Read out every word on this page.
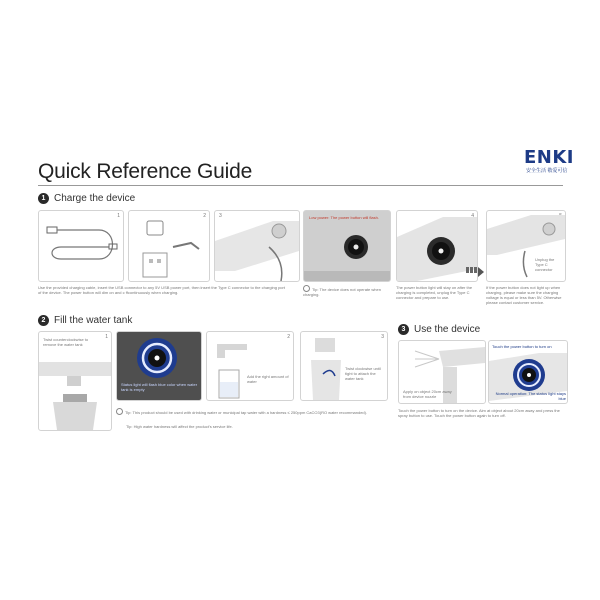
Quick Reference Guide
ENKI
安全生活 敬爱可信
1 Charge the device
1	2	3	Low power: The power button will flash.	4
Unplug the Type C connector
Use the provided charging cable, insert the USB connector to any 5V USB power port, then insert the Type C connector to the charging port of the device. The power button will dim on and c ffcontinuously when charging.
Tip: The device does not operate when charging.
The power button light will stay on after the charging is completed, unplug the Type C connector and prepare to use.
If the power button does not light up when charging, please make sure the charging voltage is equal or less than 5V. Otherwise please contact customer service.
2 Fill the water tank
1
Twist counterclockwise to remove the water tank
Status light will flash blue color when water tank is empty
2
Add the right amount of water
3
Twist clockwise until tight to attach the water tank
Tip: This product should be used with drinking water or municipal tap water with a hardness ≤ 250ppm CaCO3(RO water recommanded).
Tip: High water hardness will affect the product's service life.
3 Use the device
Apply on object 20cm away from device nozzle
Touch the power button to turn on
Normal operation: The status light stays blue
Touch the power button to turn on the device. Aim at object about 20cm away and press the spray button to use. Touch the power button again to turn off.
